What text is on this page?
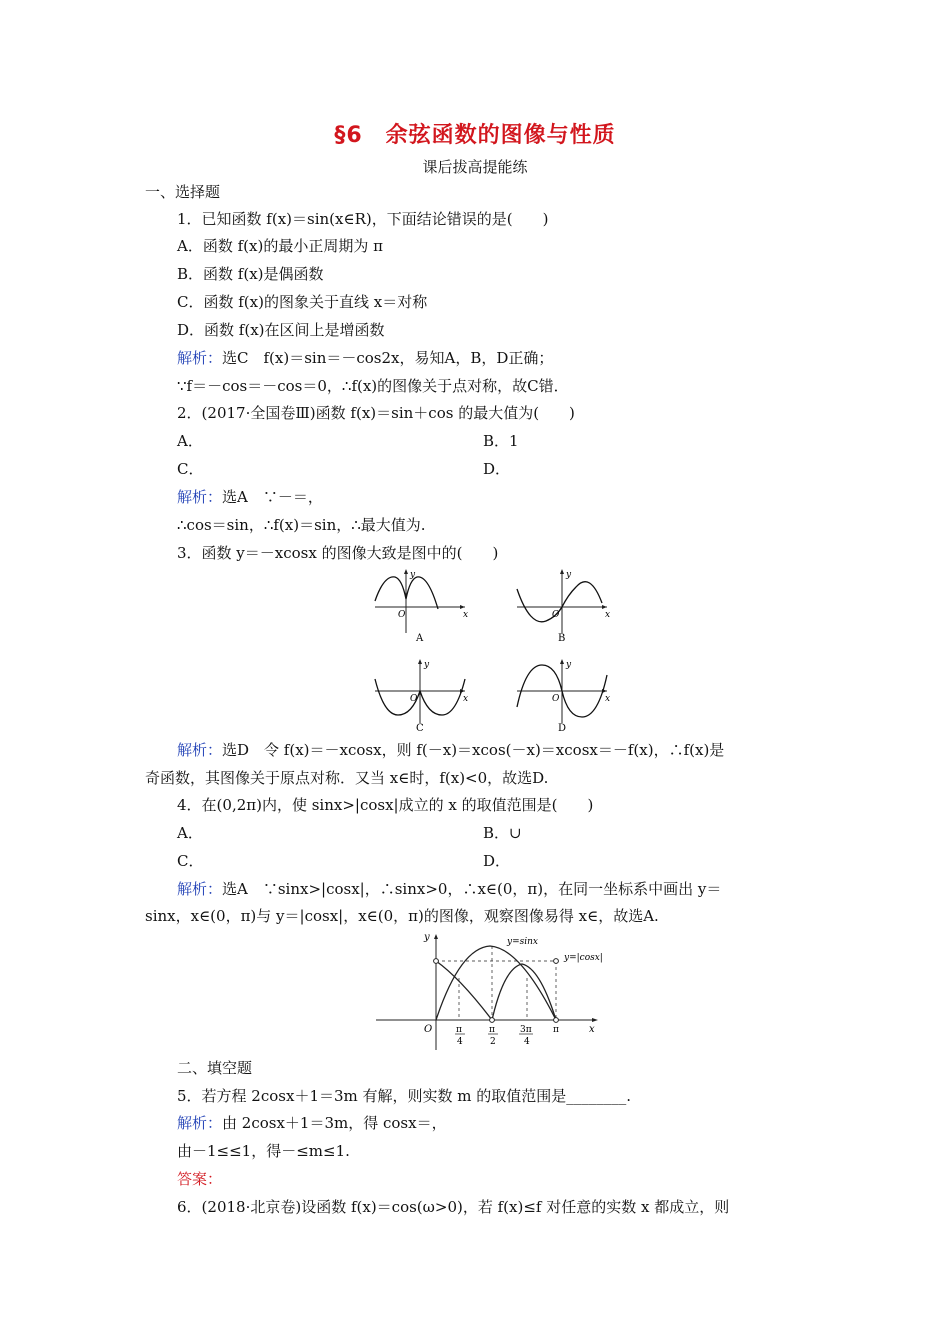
§6　余弦函数的图像与性质
课后拔高提能练
一、选择题
1．已知函数 f(x)＝sin(x∈R)，下面结论错误的是(　　)
A．函数 f(x)的最小正周期为 π
B．函数 f(x)是偶函数
C．函数 f(x)的图象关于直线 x＝对称
D．函数 f(x)在区间上是增函数
解析：选C　f(x)＝sin＝－cos2x，易知A，B，D正确；
∵f＝－cos＝－cos＝0，∴f(x)的图像关于点对称，故C错．
2．(2017·全国卷Ⅲ)函数 f(x)＝sin＋cos 的最大值为(　　)
A．	B．1
C．	D．
解析：选A　∵－＝，
∴cos＝sin，∴f(x)＝sin，∴最大值为.
3．函数 y＝－xcosx 的图像大致是图中的(　　)
y
x
O
A
y
x
O
B
y
x
O
C
y
x
O
D
解析：选D　令 f(x)＝－xcosx，则 f(－x)＝xcos(－x)＝xcosx＝－f(x)，∴f(x)是
奇函数，其图像关于原点对称．又当 x∈时，f(x)<0，故选D.
4．在(0,2π)内，使 sinx>|cosx|成立的 x 的取值范围是(　　)
A．	B．∪
C．	D．
解析：选A　∵sinx>|cosx|，∴sinx>0，∴x∈(0，π)，在同一坐标系中画出 y＝
sinx，x∈(0，π)与 y＝|cosx|，x∈(0，π)的图像，观察图像易得 x∈，故选A.
y=sinx
y=|cosx|
y
x
O	π
4
π
2
3π
4
π
二、填空题
5．若方程 2cosx＋1＝3m 有解，则实数 m 的取值范围是________.
解析：由 2cosx＋1＝3m，得 cosx＝，
由－1≤≤1，得－≤m≤1.
答案：
6．(2018·北京卷)设函数 f(x)＝cos(ω>0)，若 f(x)≤f 对任意的实数 x 都成立，则
